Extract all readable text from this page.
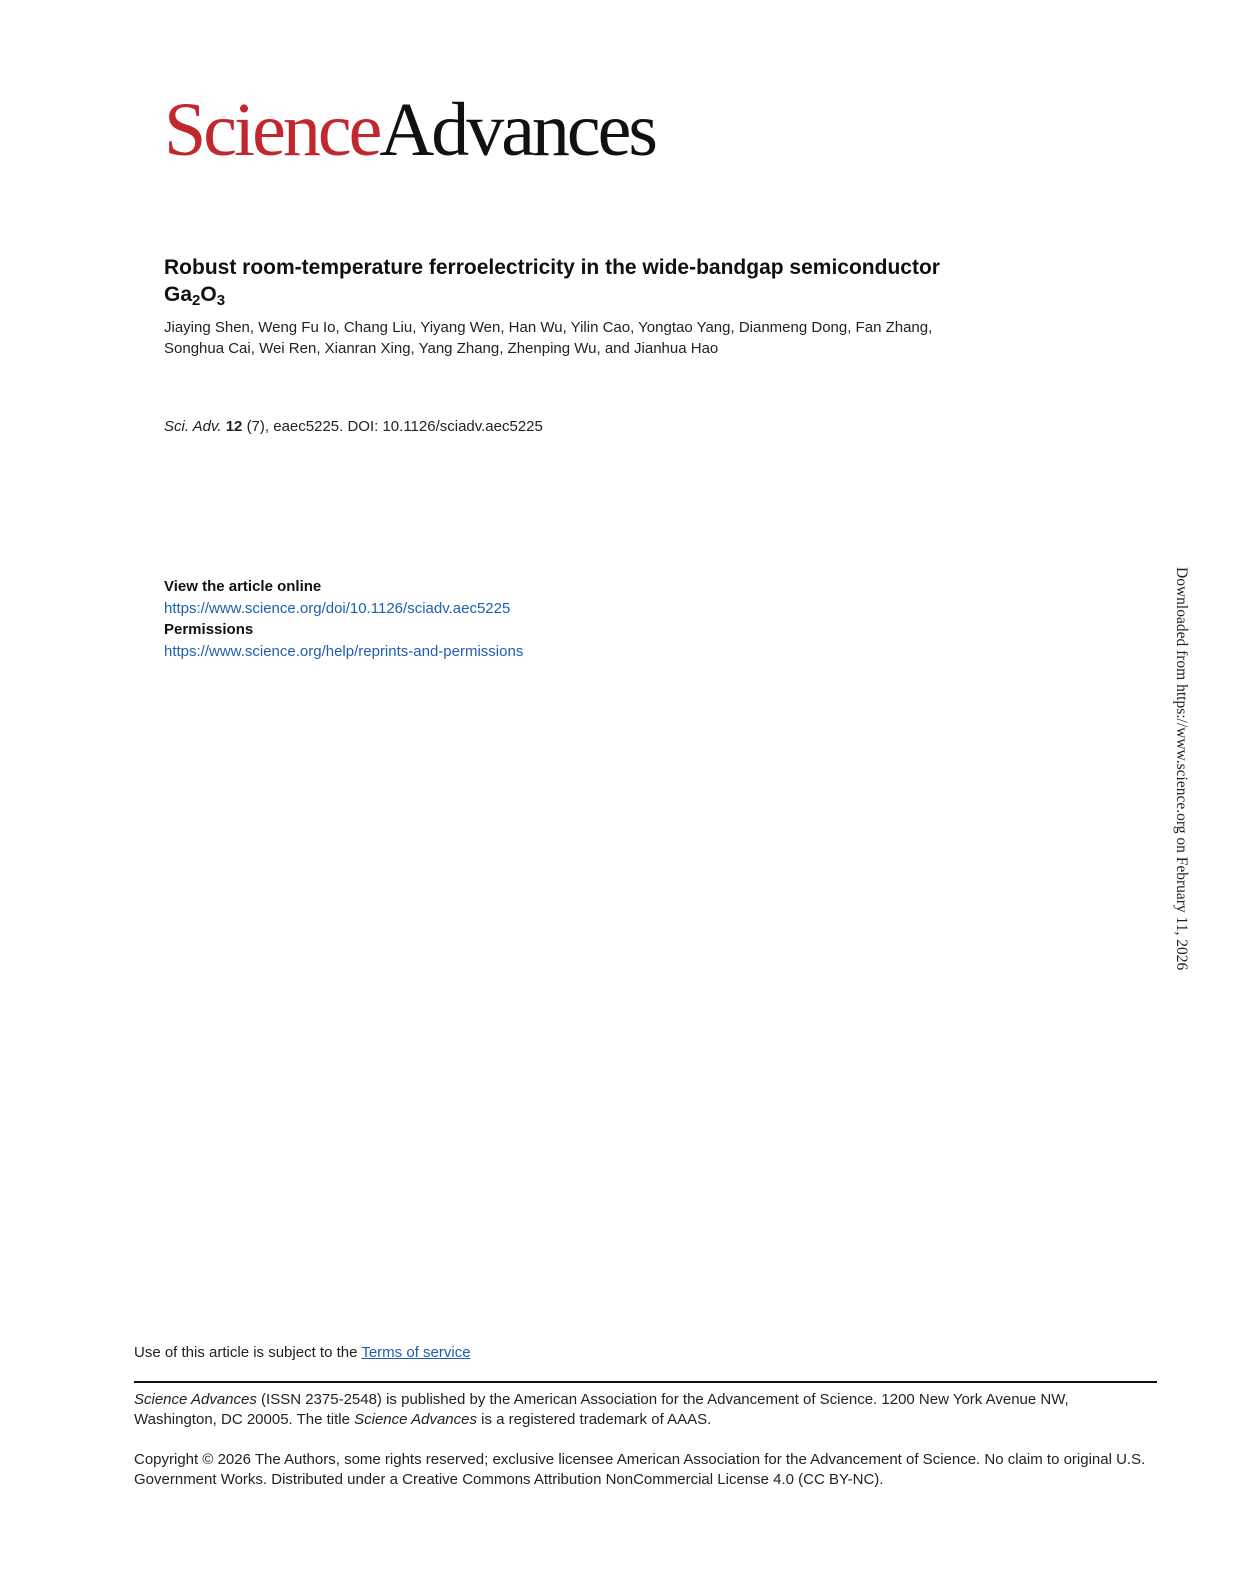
ScienceAdvances
Robust room-temperature ferroelectricity in the wide-bandgap semiconductor
$Ga_2O_3$
Jiaying Shen, Weng Fu Io, Chang Liu, Yiyang Wen, Han Wu, Yilin Cao, Yongtao Yang, Dianmeng Dong, Fan Zhang,
Songhua Cai, Wei Ren, Xianran Xing, Yang Zhang, Zhenping Wu, and Jianhua Hao
Sci. Adv. 12 (7), eaec5225. DOI: 10.1126/sciadv.aec5225
View the article online
https://www.science.org/doi/10.1126/sciadv.aec5225
Permissions
https://www.science.org/help/reprints-and-permissions	Downloaded from https://www.science.org on February 11, 2026
Use of this article is subject to the Terms of service

Science Advances (ISSN 2375-2548) is published by the American Association for the Advancement of Science. 1200 New York Avenue NW, Washington, DC 20005. The title Science Advances is a registered trademark of AAAS.

Copyright © 2026 The Authors, some rights reserved; exclusive licensee American Association for the Advancement of Science. No claim to original U.S. Government Works. Distributed under a Creative Commons Attribution NonCommercial License 4.0 (CC BY-NC).
